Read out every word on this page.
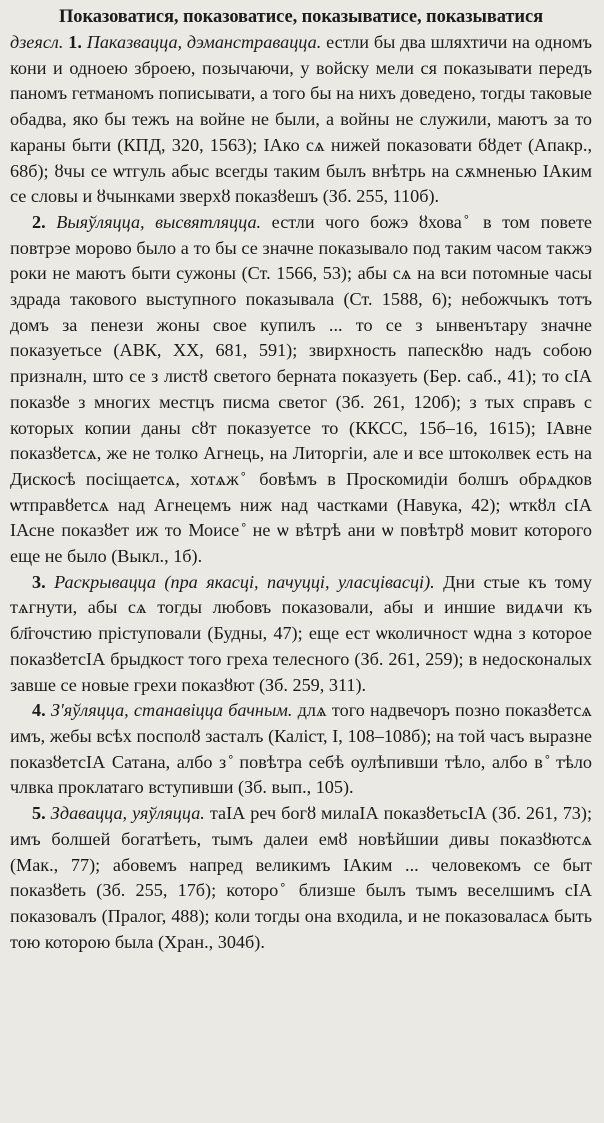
Показоватися, показоватисе, показыватисе, показыватися

дзеясл. 1. Паказвацца, дэманстравацца. естли бы два шляхтичи на одномъ кони и одноею зброею, позычаючи, у войску мели ся показывати передъ паномъ гетманомъ пописывати, а того бы на нихъ доведено, тогды таковые обадва, яко бы тежъ на войне не были, а войны не служили, маютъ за то караны быти (КПД, 320, 1563); ІАко сѧ нижей показовати бȣдет (Апакр., 68б); ȣчы се ѡтгуль абыс всегды таким былъ внѣтрь на сѫмненью ІАким се словы и ȣчынками зверхȣ показȣешъ (Зб. 255, 110б).

2. Выяўляцца, высвятляцца. естли чого божэ ȣхова ̊ в том повете повтрэе морово было а то бы се значне показывало под таким часом такжэ роки не маютъ быти сужоны (Ст. 1566, 53); абы сѧ на вси потомные часы здрада такового выступного показывала (Ст. 1588, 6); небожчыкъ тотъ домъ за пенези жоны свое купилъ ... то се з ынвенътару значне показуетьсе (АВК, XX, 681, 591); звирхность папескȣю надъ собою призналн, што се з листȣ светого берната показуеть (Бер. саб., 41); то сІА показȣе з многих местцъ писма светог (Зб. 261, 120б); з тых справъ с которых копии даны сȣт показуетсе то (ККСС, 15б–16, 1615); ІАвне показȣетсѧ, же не толко Агнець, на Литоргіи, але и все штоколвек есть на Дискосѣ посіщаетсѧ, хотѧж ̊ бовѣмъ в Проскомидіи болшъ обрѧдков ѡтправȣетсѧ над Агнецемъ ниж над частками (Навука, 42); ѡткȣл сІА ІАсне показȣет иж то Моисе ̊ не ѡ вѣтрѣ ани ѡ повѣтрȣ мовит которого еще не было (Выкл., 1б).

3. Раскрывацца (пра якасці, пачуцці, уласцівасці). Дни стые къ тому тѧгнути, абы сѧ тогды любовъ показовали, абы и иншие видѧчи къ бл҃гочстию прiступовали (Будны, 47); еще ест ѡколичност ѡдна з которое показȣетсІА брыдкост того греха телесного (Зб. 261, 259); в недосконалых завше се новые грехи показȣют (Зб. 259, 311).

4. З'яўляцца, станавіцца бачным. длѧ того надвечоръ позно показȣетсѧ имъ, жебы всѣх посполȣ засталъ (Каліст, I, 108–108б); на той часъ вырaзне показȣетсІА Сатана, албо з ̊ повѣтра себѣ оулѣпивши тѣло, албо в ̊ тѣло члвка проклатаго вступивши (Зб. вып., 105).

5. Здавацца, уяўляцца. таІА реч богȣ милаІА показȣетьсІА (Зб. 261, 73); имъ болшей богатѣеть, тымъ далеи емȣ новѣйшии дивы показȣютсѧ (Мак., 77); абовемъ напред великимъ ІАким ... человекомъ се быт показȣеть (Зб. 255, 17б); которо ̊ близше былъ тымъ веселшимъ сІА показовалъ (Пралог, 488); коли тогды она входила, и не показоваласѧ быть тою которою была (Хран., 304б).
